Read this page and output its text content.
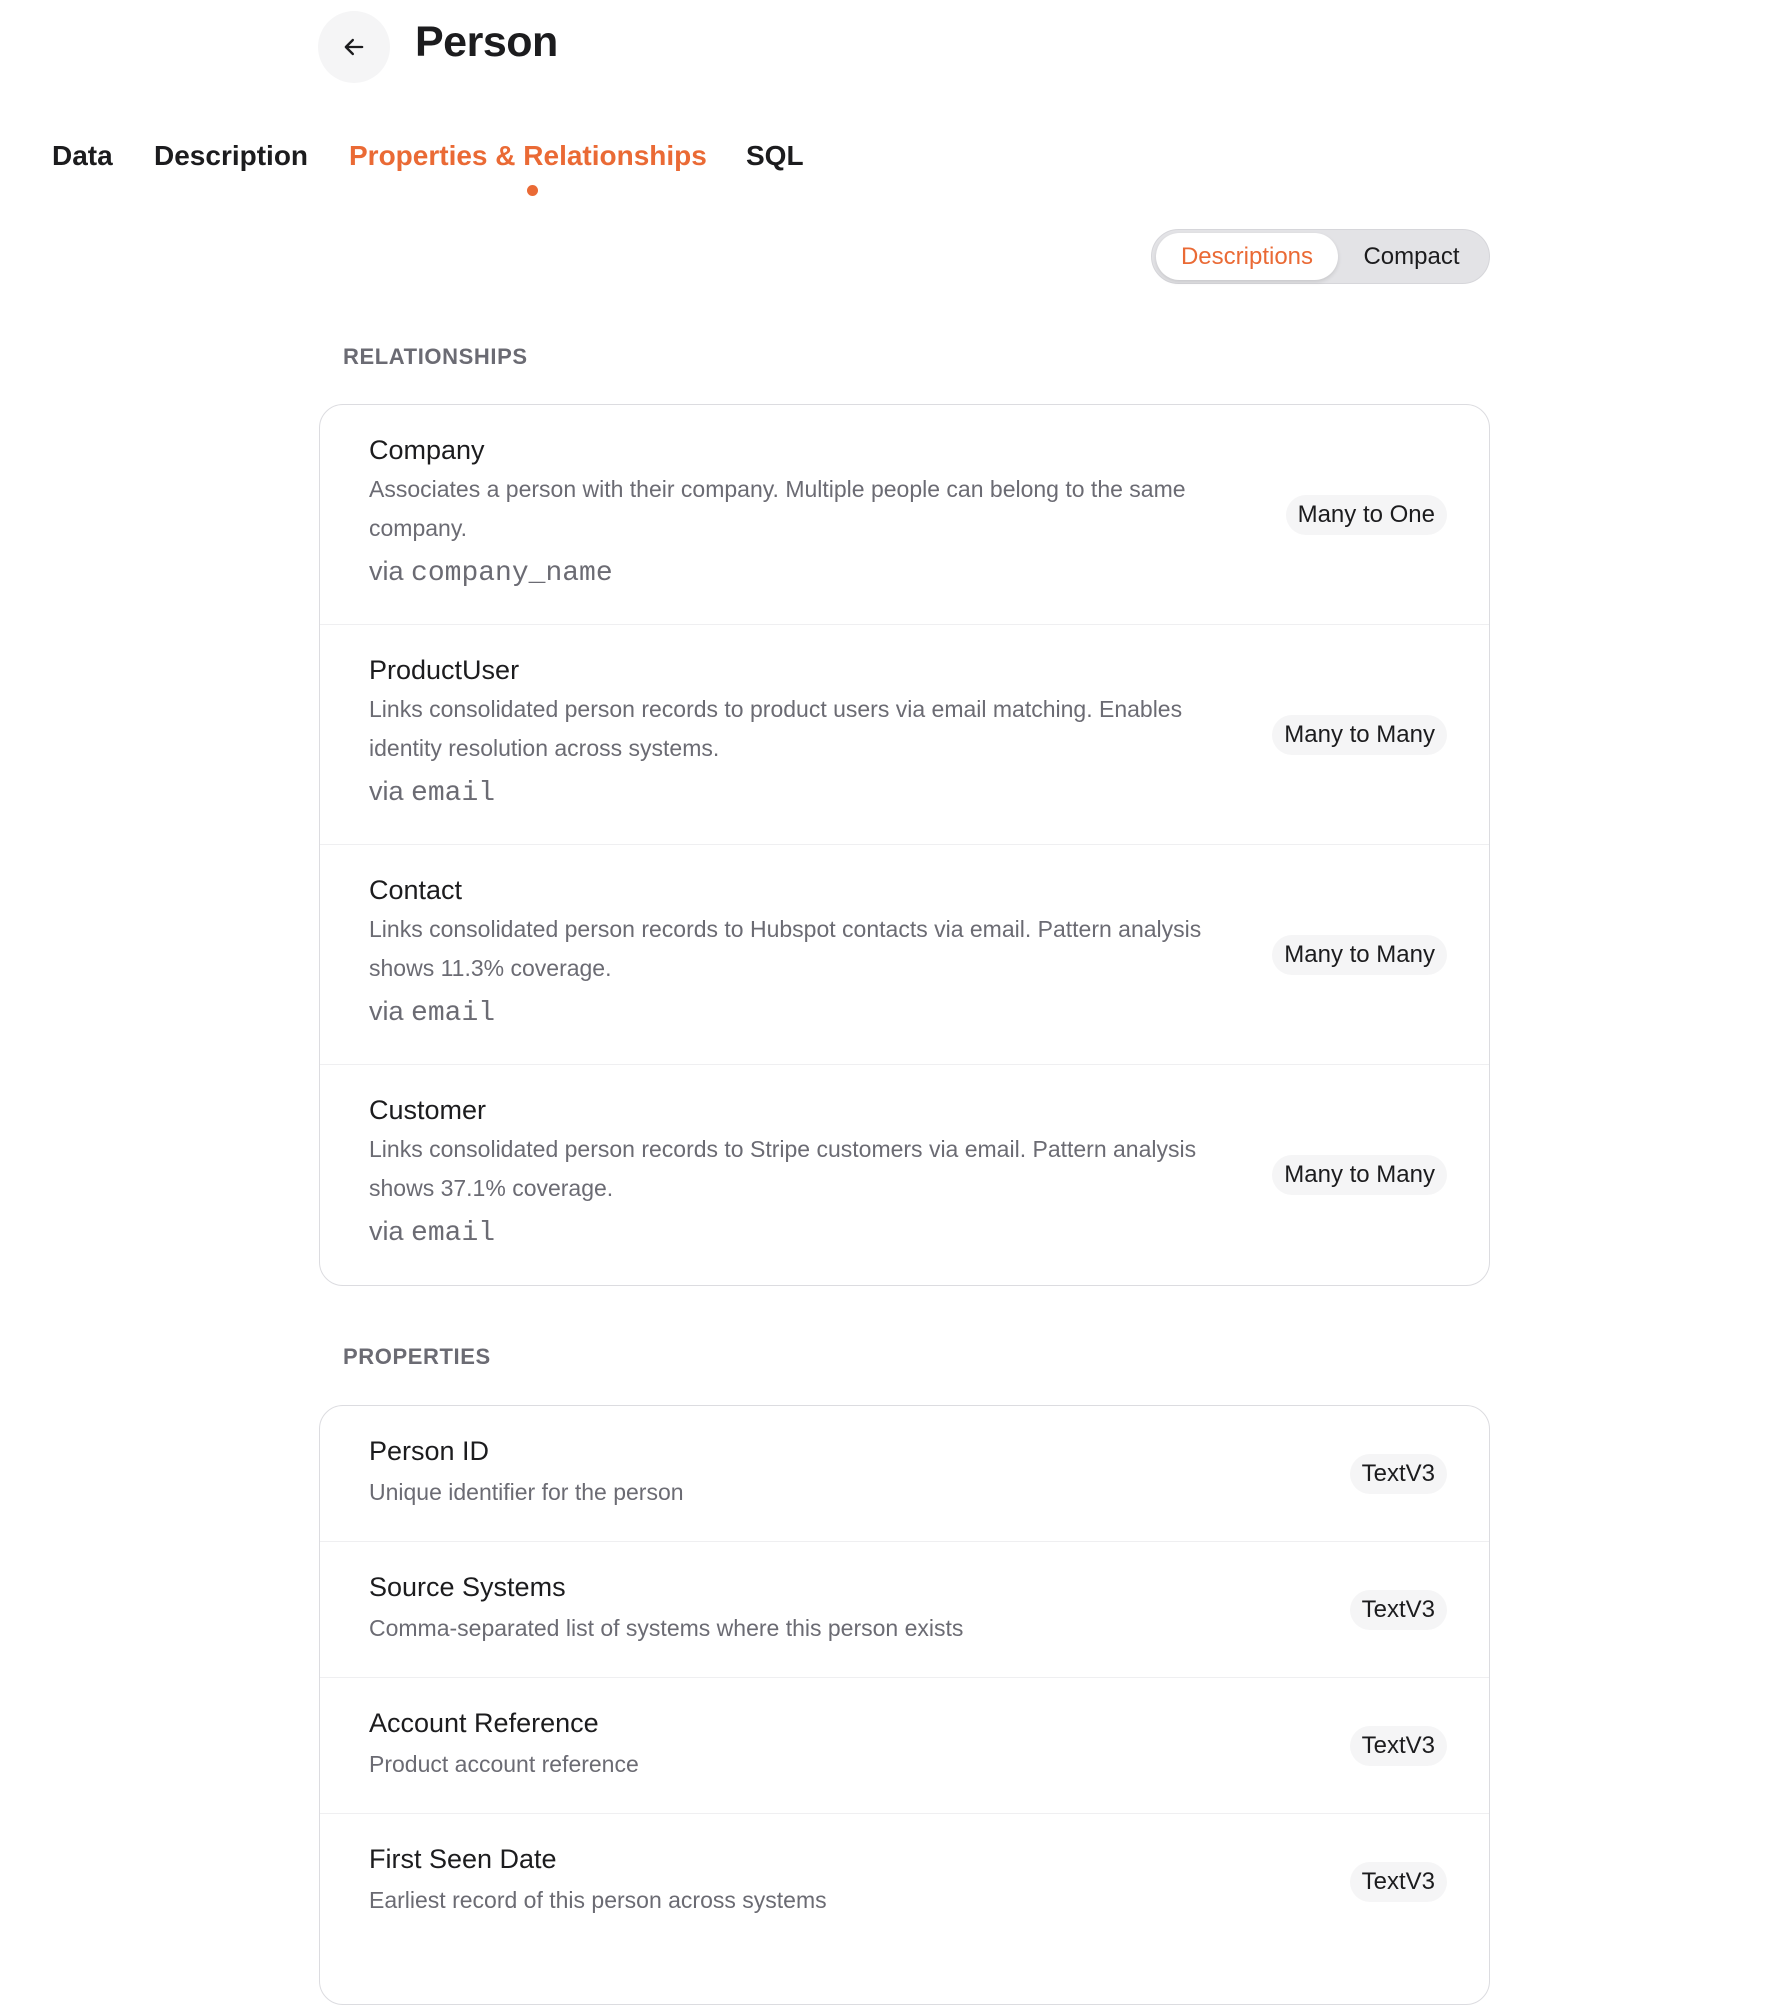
Person
Data Description Properties & Relationships SQL
Descriptions	Compact
RELATIONSHIPS
Company
Associates a person with their company. Multiple people can belong to the same company.
via company_name
Many to One
ProductUser
Links consolidated person records to product users via email matching. Enables identity resolution across systems.
via email
Many to Many
Contact
Links consolidated person records to Hubspot contacts via email. Pattern analysis shows 11.3% coverage.
via email
Many to Many
Customer
Links consolidated person records to Stripe customers via email. Pattern analysis shows 37.1% coverage.
via email
Many to Many
PROPERTIES
Person ID
Unique identifier for the person
TextV3
Source Systems
Comma-separated list of systems where this person exists
TextV3
Account Reference
Product account reference
TextV3
First Seen Date
Earliest record of this person across systems
TextV3
